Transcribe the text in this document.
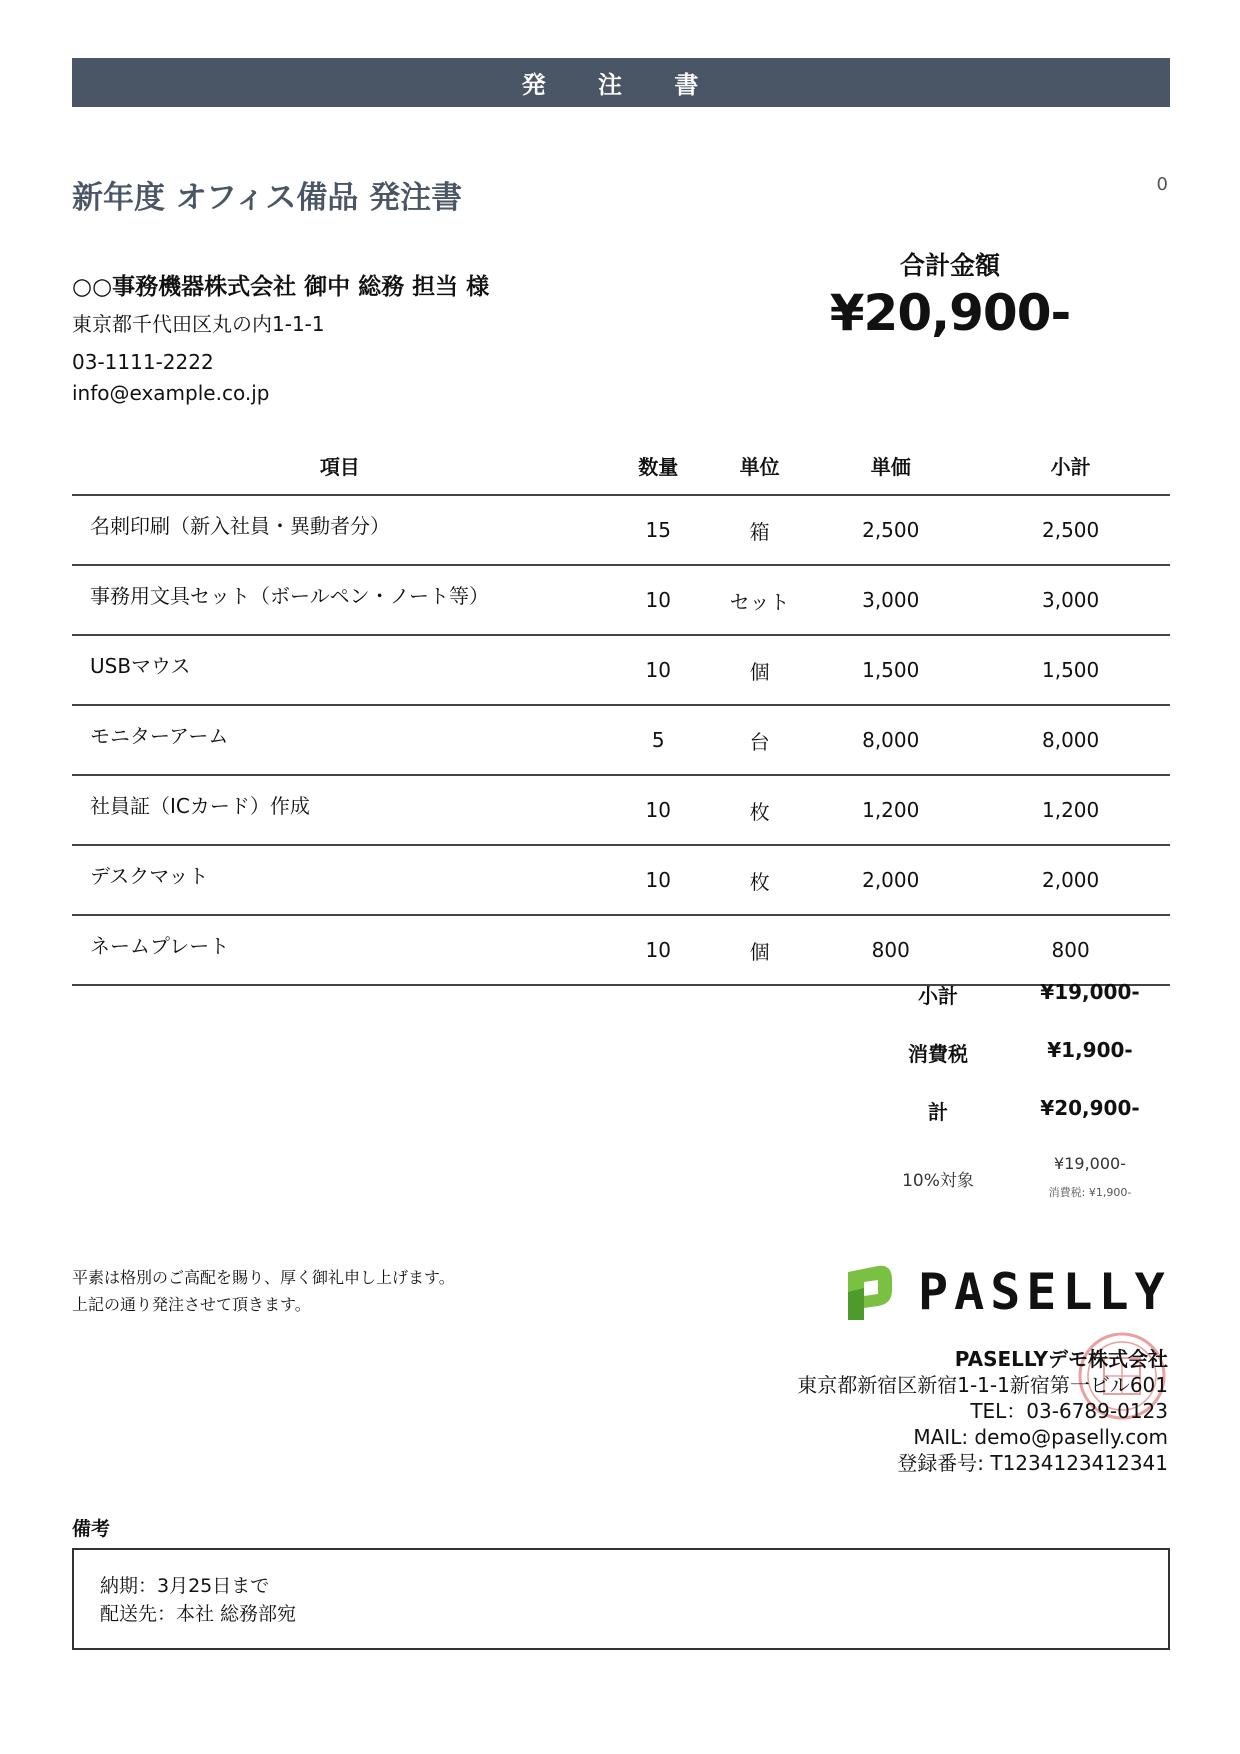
発 注 書
新年度 オフィス備品 発注書	0
○○事務機器株式会社 御中 総務 担当 様
東京都千代田区丸の内1-1-1
03-1111-2222
info@example.co.jp
合計金額
¥20,900-
項目	数量	単位	単価	小計
名刺印刷（新入社員・異動者分）	15	箱	2,500	2,500
事務用文具セット（ボールペン・ノート等）	10	セット	3,000	3,000
USBマウス	10	個	1,500	1,500
モニターアーム	5	台	8,000	8,000
社員証（ICカード）作成	10	枚	1,200	1,200
デスクマット	10	枚	2,000	2,000
ネームプレート	10	個	800	800
小計	¥19,000-
消費税	¥1,900-
計	¥20,900-
10%対象
¥19,000-
消費税: ¥1,900-
平素は格別のご高配を賜り、厚く御礼申し上げます。
上記の通り発注させて頂きます。	PASELLY
PASELLYデモ株式会社
東京都新宿区新宿1-1-1新宿第一ビル601
TEL：03-6789-0123
MAIL: demo@paselly.com
登録番号: T1234123412341
備考
納期：3月25日まで
配送先：本社 総務部宛
